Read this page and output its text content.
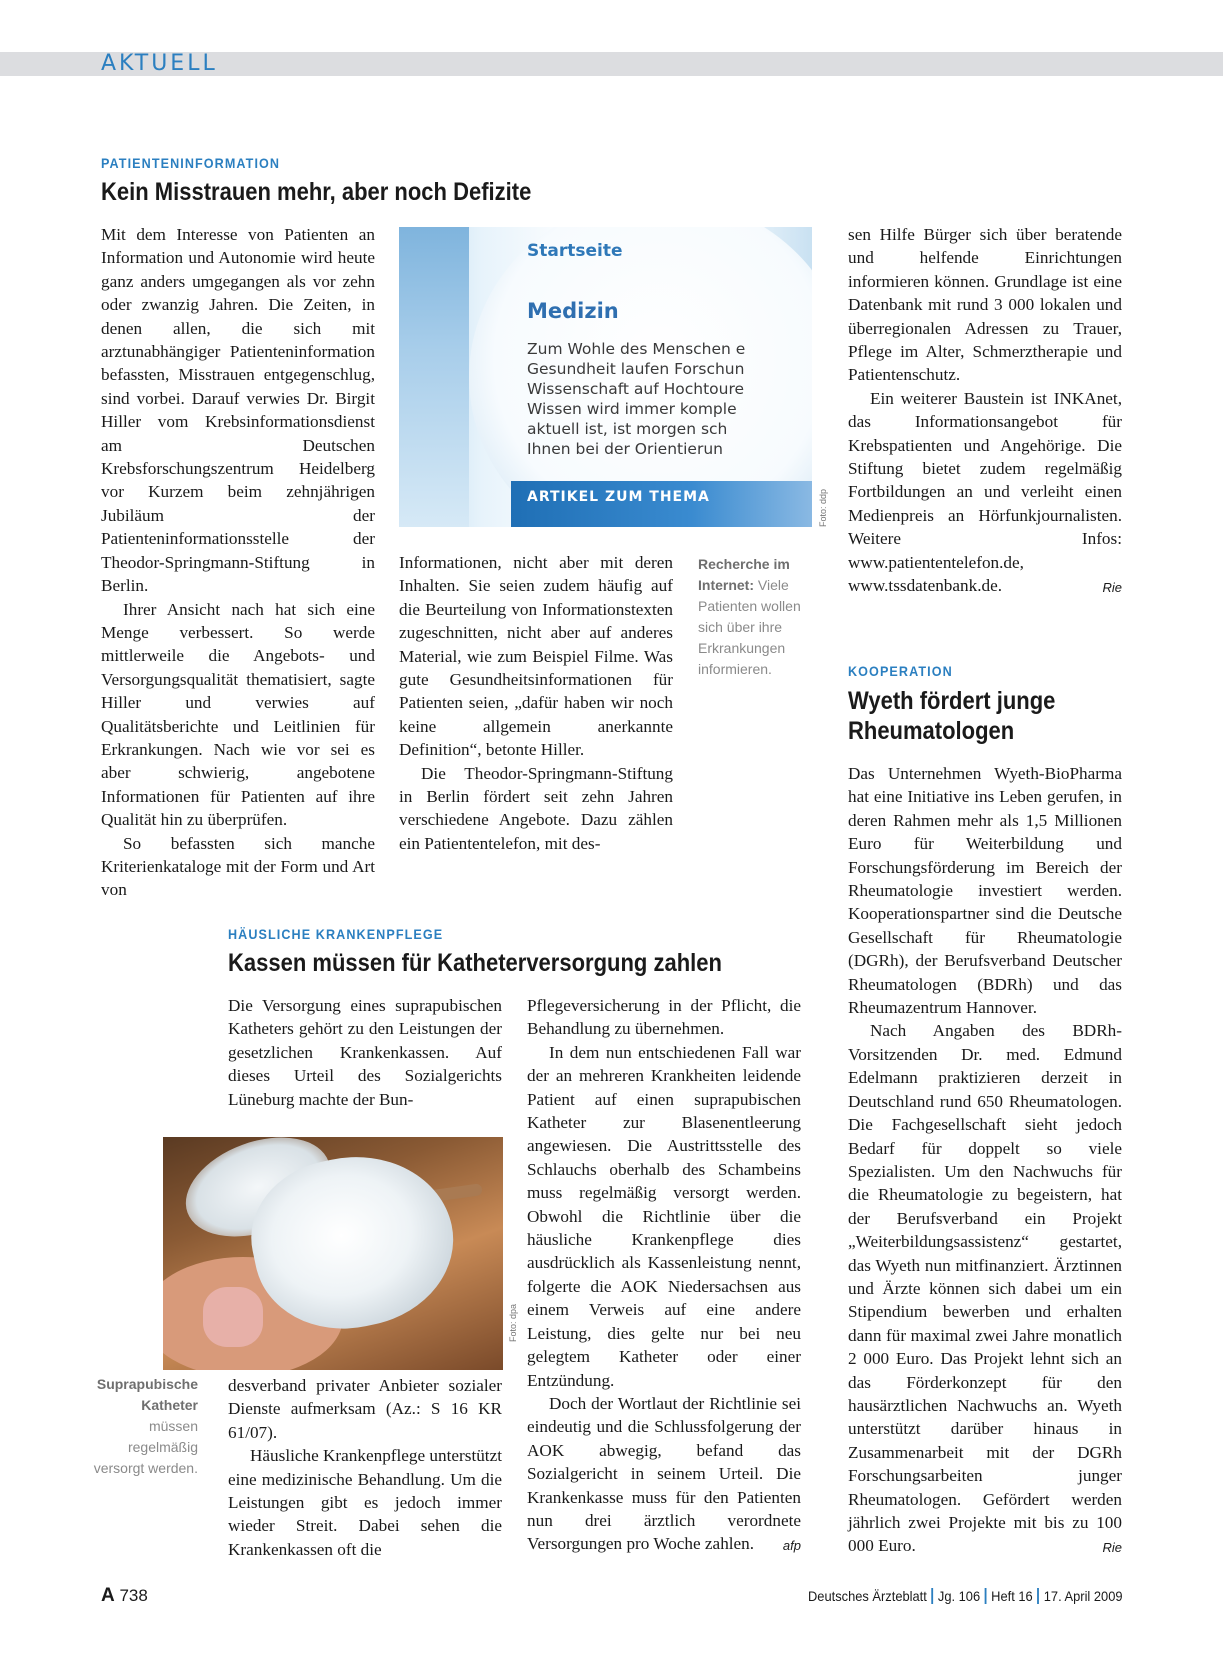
AKTUELL
PATIENTENINFORMATION
Kein Misstrauen mehr, aber noch Defizite

Mit dem Interesse von Patienten an Information und Autonomie wird heute ganz anders umgegangen als vor zehn oder zwanzig Jahren. Die Zeiten, in denen allen, die sich mit arztunabhängiger Patienteninformation befassten, Misstrauen entgegenschlug, sind vorbei. Darauf verwies Dr. Birgit Hiller vom Krebsinformationsdienst am Deutschen Krebsforschungszentrum Heidelberg vor Kurzem beim zehnjährigen Jubiläum der Patienteninformationsstelle der Theodor-Springmann-Stiftung in Berlin.

Ihrer Ansicht nach hat sich eine Menge verbessert. So werde mittlerweile die Angebots- und Versorgungsqualität thematisiert, sagte Hiller und verwies auf Qualitätsberichte und Leitlinien für Erkrankungen. Nach wie vor sei es aber schwierig, angebotene Informationen für Patienten auf ihre Qualität hin zu überprüfen.

So befassten sich manche Kriterienkataloge mit der Form und Art von

Startseite
Medizin
Zum Wohle des Menschen e
Gesundheit laufen Forschun
Wissenschaft auf Hochtoure
Wissen wird immer komple
aktuell ist, ist morgen sch
Ihnen bei der Orientierun
ARTIKEL ZUM THEMA	Foto: ddp

Informationen, nicht aber mit deren Inhalten. Sie seien zudem häufig auf die Beurteilung von Informationstexten zugeschnitten, nicht aber auf anderes Material, wie zum Beispiel Filme. Was gute Gesundheitsinformationen für Patienten seien, „dafür haben wir noch keine allgemein anerkannte Definition“, betonte Hiller.

Die Theodor-Springmann-Stiftung in Berlin fördert seit zehn Jahren verschiedene Angebote. Dazu zählen ein Patiententelefon, mit des-

Recherche im Internet: Viele Patienten wollen sich über ihre Erkrankungen informieren.

sen Hilfe Bürger sich über beratende und helfende Einrichtungen informieren können. Grundlage ist eine Datenbank mit rund 3 000 lokalen und überregionalen Adressen zu Trauer, Pflege im Alter, Schmerztherapie und Patientenschutz.

Ein weiterer Baustein ist INKAnet, das Informationsangebot für Krebspatienten und Angehörige. Die Stiftung bietet zudem regelmäßig Fortbildungen an und verleiht einen Medienpreis an Hörfunkjournalisten. Weitere Infos: www.patiententelefon.de, www.tssdatenbank.de.	Rie
KOOPERATION
Wyeth fördert junge
Rheumatologen

Das Unternehmen Wyeth-BioPharma hat eine Initiative ins Leben gerufen, in deren Rahmen mehr als 1,5 Millionen Euro für Weiterbildung und Forschungsförderung im Bereich der Rheumatologie investiert werden. Kooperationspartner sind die Deutsche Gesellschaft für Rheumatologie (DGRh), der Berufsverband Deutscher Rheumatologen (BDRh) und das Rheumazentrum Hannover.

Nach Angaben des BDRh-Vorsitzenden Dr. med. Edmund Edelmann praktizieren derzeit in Deutschland rund 650 Rheumatologen. Die Fachgesellschaft sieht jedoch Bedarf für doppelt so viele Spezialisten. Um den Nachwuchs für die Rheumatologie zu begeistern, hat der Berufsverband ein Projekt „Weiterbildungsassistenz“ gestartet, das Wyeth nun mitfinanziert. Ärztinnen und Ärzte können sich dabei um ein Stipendium bewerben und erhalten dann für maximal zwei Jahre monatlich 2 000 Euro. Das Projekt lehnt sich an das Förderkonzept für den hausärztlichen Nachwuchs an. Wyeth unterstützt darüber hinaus in Zusammenarbeit mit der DGRh Forschungsarbeiten junger Rheumatologen. Gefördert werden jährlich zwei Projekte mit bis zu 100 000 Euro.	Rie
HÄUSLICHE KRANKENPFLEGE
Kassen müssen für Katheterversorgung zahlen

Die Versorgung eines suprapubischen Katheters gehört zu den Leistungen der gesetzlichen Krankenkassen. Auf dieses Urteil des Sozialgerichts Lüneburg machte der Bun-

Foto: dpa
Suprapubische Katheter müssen regelmäßig versorgt werden.

desverband privater Anbieter sozialer Dienste aufmerksam (Az.: S 16 KR 61/07).

Häusliche Krankenpflege unterstützt eine medizinische Behandlung. Um die Leistungen gibt es jedoch immer wieder Streit. Dabei sehen die Krankenkassen oft die

Pflegeversicherung in der Pflicht, die Behandlung zu übernehmen.

In dem nun entschiedenen Fall war der an mehreren Krankheiten leidende Patient auf einen suprapubischen Katheter zur Blasenentleerung angewiesen. Die Austrittsstelle des Schlauchs oberhalb des Schambeins muss regelmäßig versorgt werden. Obwohl die Richtlinie über die häusliche Krankenpflege dies ausdrücklich als Kassenleistung nennt, folgerte die AOK Niedersachsen aus einem Verweis auf eine andere Leistung, dies gelte nur bei neu gelegtem Katheter oder einer Entzündung.

Doch der Wortlaut der Richtlinie sei eindeutig und die Schlussfolgerung der AOK abwegig, befand das Sozialgericht in seinem Urteil. Die Krankenkasse muss für den Patienten nun drei ärztlich verordnete Versorgungen pro Woche zahlen.	afp
A 738	Deutsches Ärzteblatt Jg. 106 Heft 16 17. April 2009
